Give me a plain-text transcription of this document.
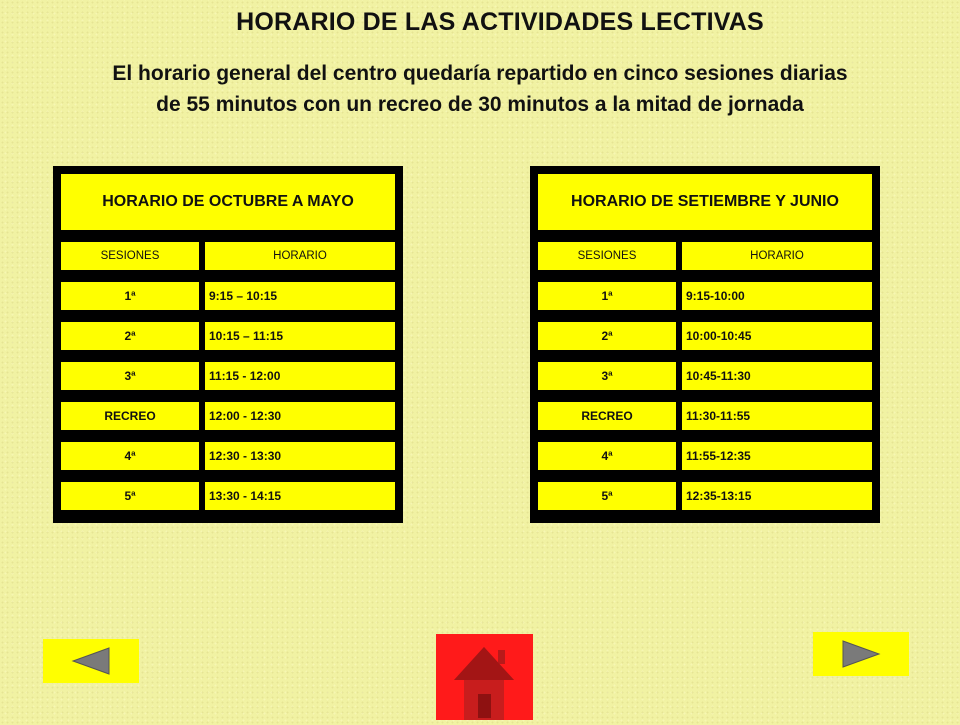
HORARIO DE LAS ACTIVIDADES LECTIVAS
El horario general del centro quedaría repartido en cinco sesiones diarias
de 55 minutos con un recreo de 30 minutos a la mitad de jornada
HORARIO DE OCTUBRE A MAYO
SESIONES	HORARIO
1ª	9:15 – 10:15
2ª	10:15 – 11:15
3ª	11:15 - 12:00
RECREO	12:00 - 12:30
4ª	12:30 - 13:30
5ª	13:30 - 14:15
HORARIO DE SETIEMBRE Y JUNIO
SESIONES	HORARIO
1ª	9:15-10:00
2ª	10:00-10:45
3ª	10:45-11:30
RECREO	11:30-11:55
4ª	11:55-12:35
5ª	12:35-13:15
